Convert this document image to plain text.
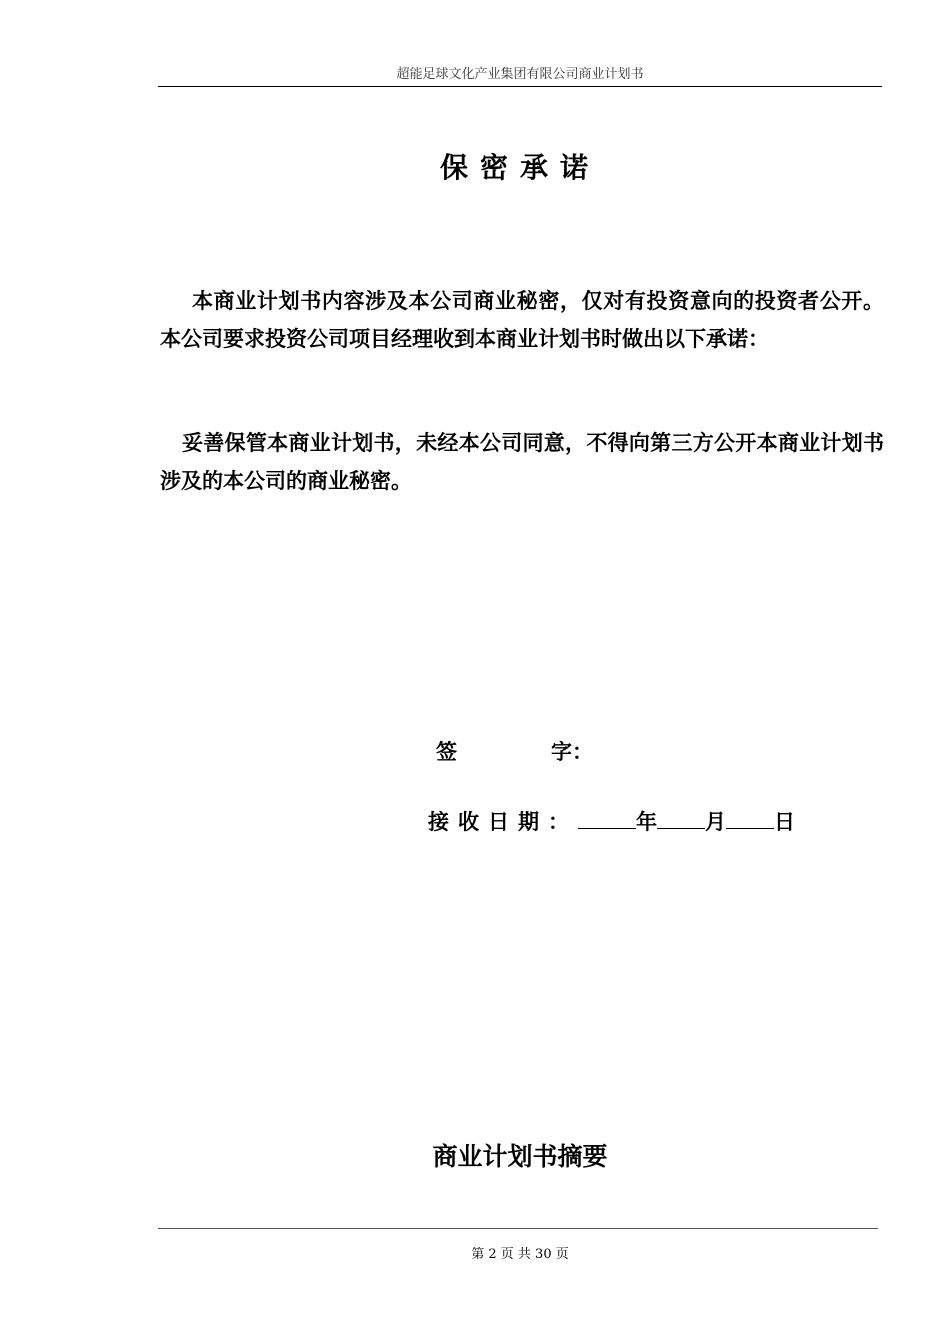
超能足球文化产业集团有限公司商业计划书
保密承诺

本商业计划书内容涉及本公司商业秘密，仅对有投资意向的投资者公开。本公司要求投资公司项目经理收到本商业计划书时做出以下承诺：

妥善保管本商业计划书，未经本公司同意，不得向第三方公开本商业计划书涉及的本公司的商业秘密。

签	字：
接收日期：	年 月 日
商业计划书摘要
第 2 页 共 30 页
